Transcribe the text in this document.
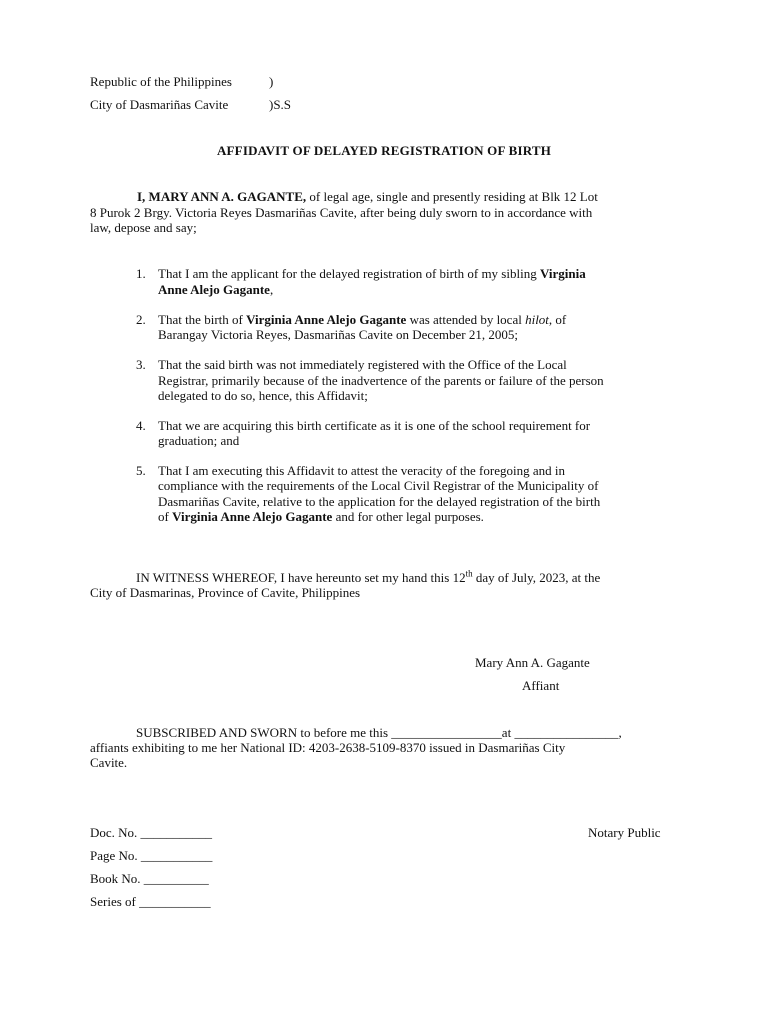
Republic of the Philippines	)
City of Dasmariñas Cavite	)S.S
AFFIDAVIT OF DELAYED REGISTRATION OF BIRTH
I, MARY ANN A. GAGANTE, of legal age, single and presently residing at Blk 12 Lot
8 Purok 2 Brgy. Victoria Reyes Dasmariñas Cavite, after being duly sworn to in accordance with
law, depose and say;
1. That I am the applicant for the delayed registration of birth of my sibling Virginia
Anne Alejo Gagante,
2. That the birth of Virginia Anne Alejo Gagante was attended by local hilot, of
Barangay Victoria Reyes, Dasmariñas Cavite on December 21, 2005;
3. That the said birth was not immediately registered with the Office of the Local
Registrar, primarily because of the inadvertence of the parents or failure of the person
delegated to do so, hence, this Affidavit;
4. That we are acquiring this birth certificate as it is one of the school requirement for
graduation; and
5. That I am executing this Affidavit to attest the veracity of the foregoing and in
compliance with the requirements of the Local Civil Registrar of the Municipality of
Dasmariñas Cavite, relative to the application for the delayed registration of the birth
of Virginia Anne Alejo Gagante and for other legal purposes.
IN WITNESS WHEREOF, I have hereunto set my hand this 12th day of July, 2023, at the
City of Dasmarinas, Province of Cavite, Philippines
Mary Ann A. Gagante
Affiant
SUBSCRIBED AND SWORN to before me this _________________at ________________,
affiants exhibiting to me her National ID: 4203-2638-5109-8370 issued in Dasmariñas City
Cavite.
Doc. No. ___________	Notary Public
Page No. ___________
Book No. __________
Series of ___________
